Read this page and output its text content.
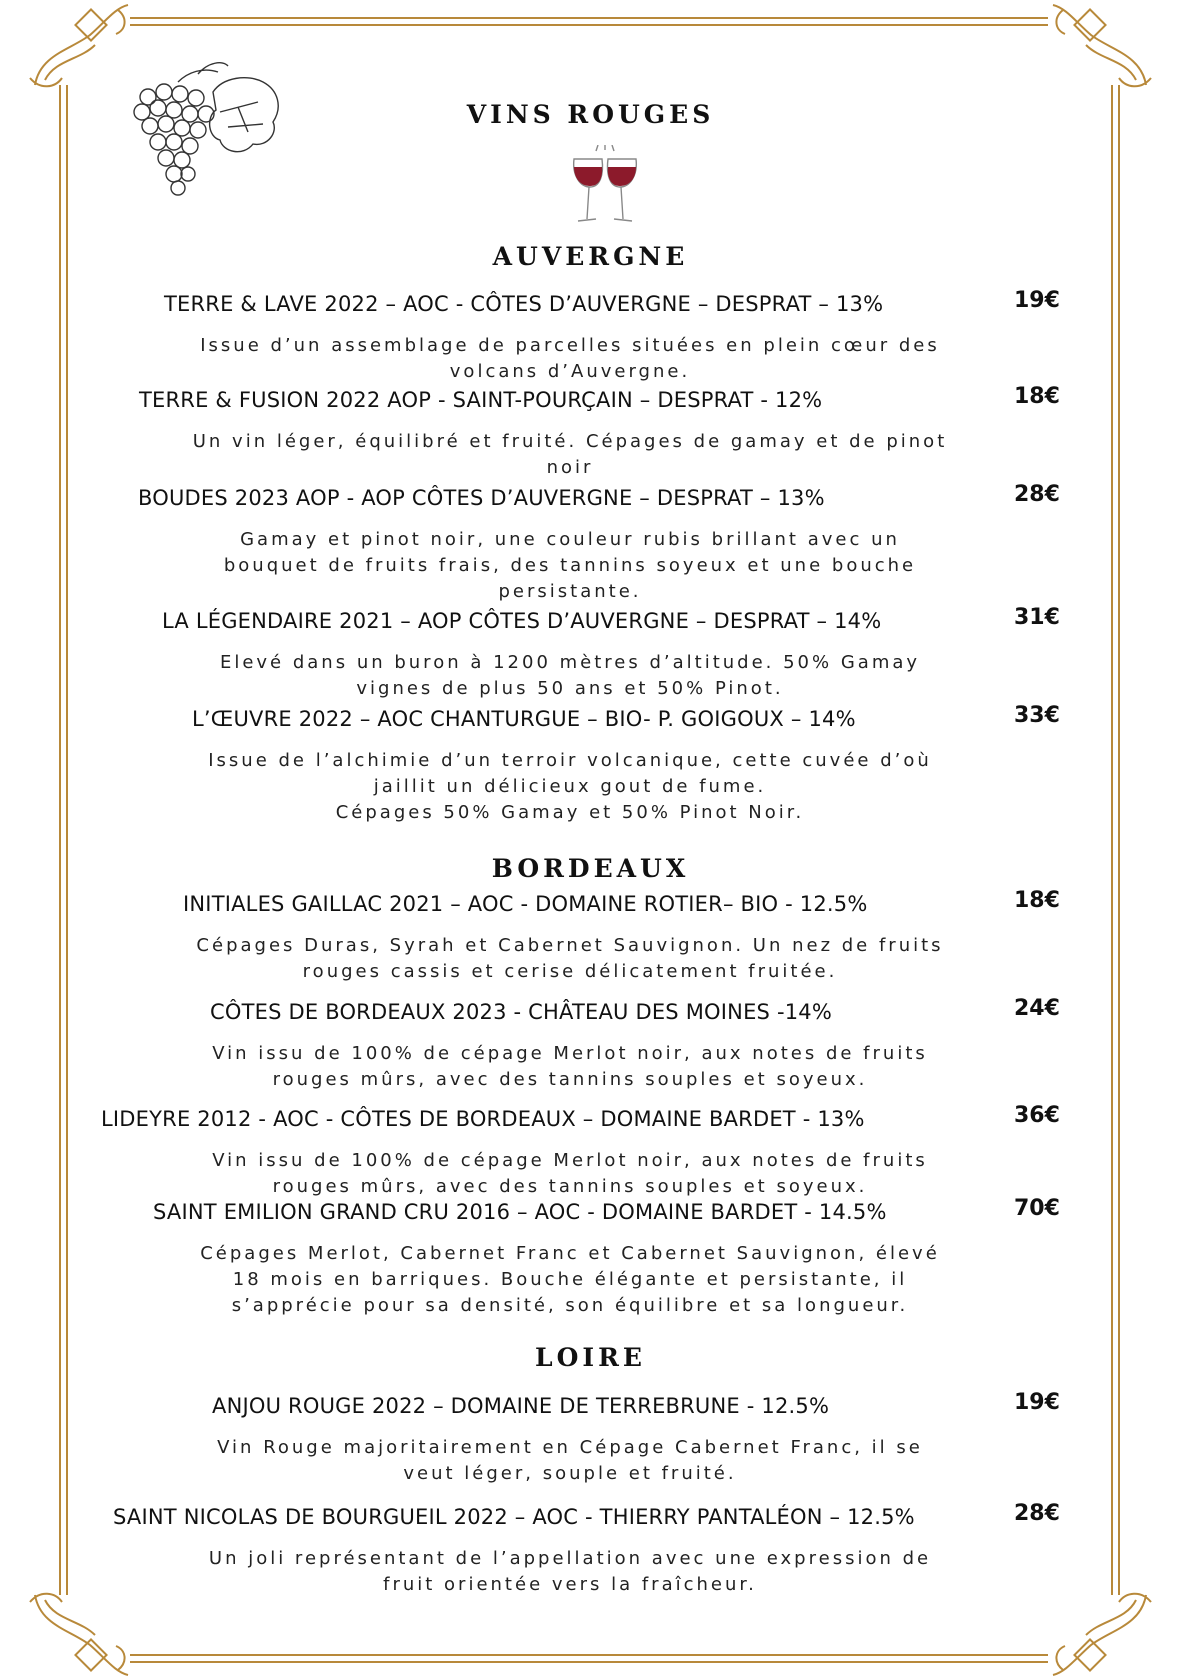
VINS ROUGES
AUVERGNE
TERRE & LAVE 2022 – AOC - CÔTES D’AUVERGNE – DESPRAT – 13%	19€
Issue d’un assemblage de parcelles situées en plein cœur des
volcans d’Auvergne.
TERRE & FUSION 2022 AOP - SAINT-POURÇAIN – DESPRAT - 12%	18€
Un vin léger, équilibré et fruité. Cépages de gamay et de pinot
noir
BOUDES 2023 AOP - AOP CÔTES D’AUVERGNE – DESPRAT – 13%	28€
Gamay et pinot noir, une couleur rubis brillant avec un
bouquet de fruits frais, des tannins soyeux et une bouche
persistante.
LA LÉGENDAIRE 2021 – AOP CÔTES D’AUVERGNE – DESPRAT – 14%	31€
Elevé dans un buron à 1200 mètres d’altitude. 50% Gamay
vignes de plus 50 ans et 50% Pinot.
L’ŒUVRE 2022 – AOC CHANTURGUE – BIO- P. GOIGOUX – 14%	33€
Issue de l’alchimie d’un terroir volcanique, cette cuvée d’où
jaillit un délicieux gout de fume.
Cépages 50% Gamay et 50% Pinot Noir.
BORDEAUX
INITIALES GAILLAC 2021 – AOC - DOMAINE ROTIER– BIO - 12.5%	18€
Cépages Duras, Syrah et Cabernet Sauvignon. Un nez de fruits
rouges cassis et cerise délicatement fruitée.
CÔTES DE BORDEAUX 2023 - CHÂTEAU DES MOINES -14%	24€
Vin issu de 100% de cépage Merlot noir, aux notes de fruits
rouges mûrs, avec des tannins souples et soyeux.
LIDEYRE 2012 - AOC - CÔTES DE BORDEAUX – DOMAINE BARDET - 13%	36€
Vin issu de 100% de cépage Merlot noir, aux notes de fruits
rouges mûrs, avec des tannins souples et soyeux.
SAINT EMILION GRAND CRU 2016 – AOC - DOMAINE BARDET - 14.5%	70€
Cépages Merlot, Cabernet Franc et Cabernet Sauvignon, élevé
18 mois en barriques. Bouche élégante et persistante, il
s’apprécie pour sa densité, son équilibre et sa longueur.
LOIRE
ANJOU ROUGE 2022 – DOMAINE DE TERREBRUNE - 12.5%	19€
Vin Rouge majoritairement en Cépage Cabernet Franc, il se
veut léger, souple et fruité.
SAINT NICOLAS DE BOURGUEIL 2022 – AOC - THIERRY PANTALÉON – 12.5%	28€
Un joli représentant de l’appellation avec une expression de
fruit orientée vers la fraîcheur.
